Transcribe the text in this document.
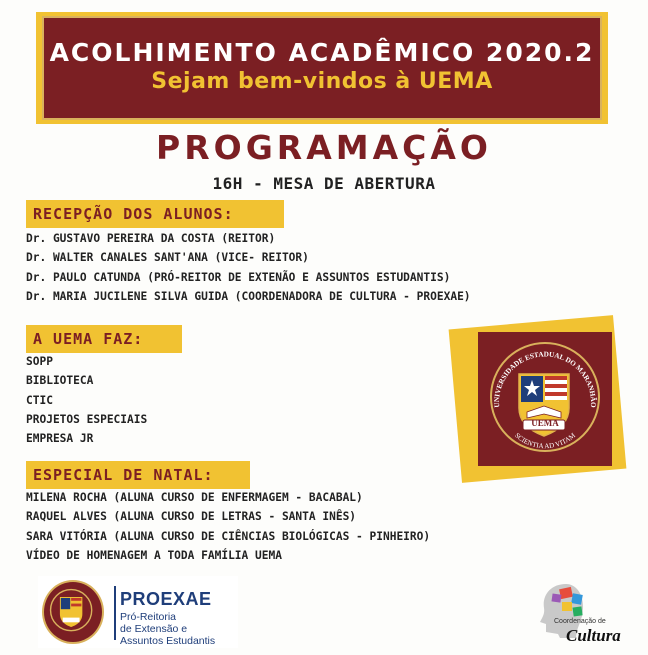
ACOLHIMENTO ACADÊMICO 2020.2
Sejam bem-vindos à UEMA
PROGRAMAÇÃO
16H - MESA DE ABERTURA
RECEPÇÃO DOS ALUNOS:
Dr. GUSTAVO PEREIRA DA COSTA (REITOR)
Dr. WALTER CANALES SANT'ANA (VICE- REITOR)
Dr. PAULO CATUNDA (PRÓ-REITOR DE EXTENÃO E ASSUNTOS ESTUDANTIS)
Dr. MARIA JUCILENE SILVA GUIDA (COORDENADORA DE CULTURA - PROEXAE)
A UEMA FAZ:
SOPP
BIBLIOTECA
CTIC
PROJETOS ESPECIAIS
EMPRESA JR
ESPECIAL DE NATAL:
MILENA ROCHA (ALUNA CURSO DE ENFERMAGEM - BACABAL)
RAQUEL ALVES (ALUNA CURSO DE LETRAS - SANTA INÊS)
SARA VITÓRIA (ALUNA CURSO DE CIÊNCIAS BIOLÓGICAS - PINHEIRO)
VÍDEO DE HOMENAGEM A TODA FAMÍLIA UEMA
UNIVERSIDADE ESTADUAL DO MARANHÃO
SCIENTIA AD VITAM
UEMA
PROEXAE
Pró-Reitoria
de Extensão e
Assuntos Estudantis
Coordenação de
Cultura
